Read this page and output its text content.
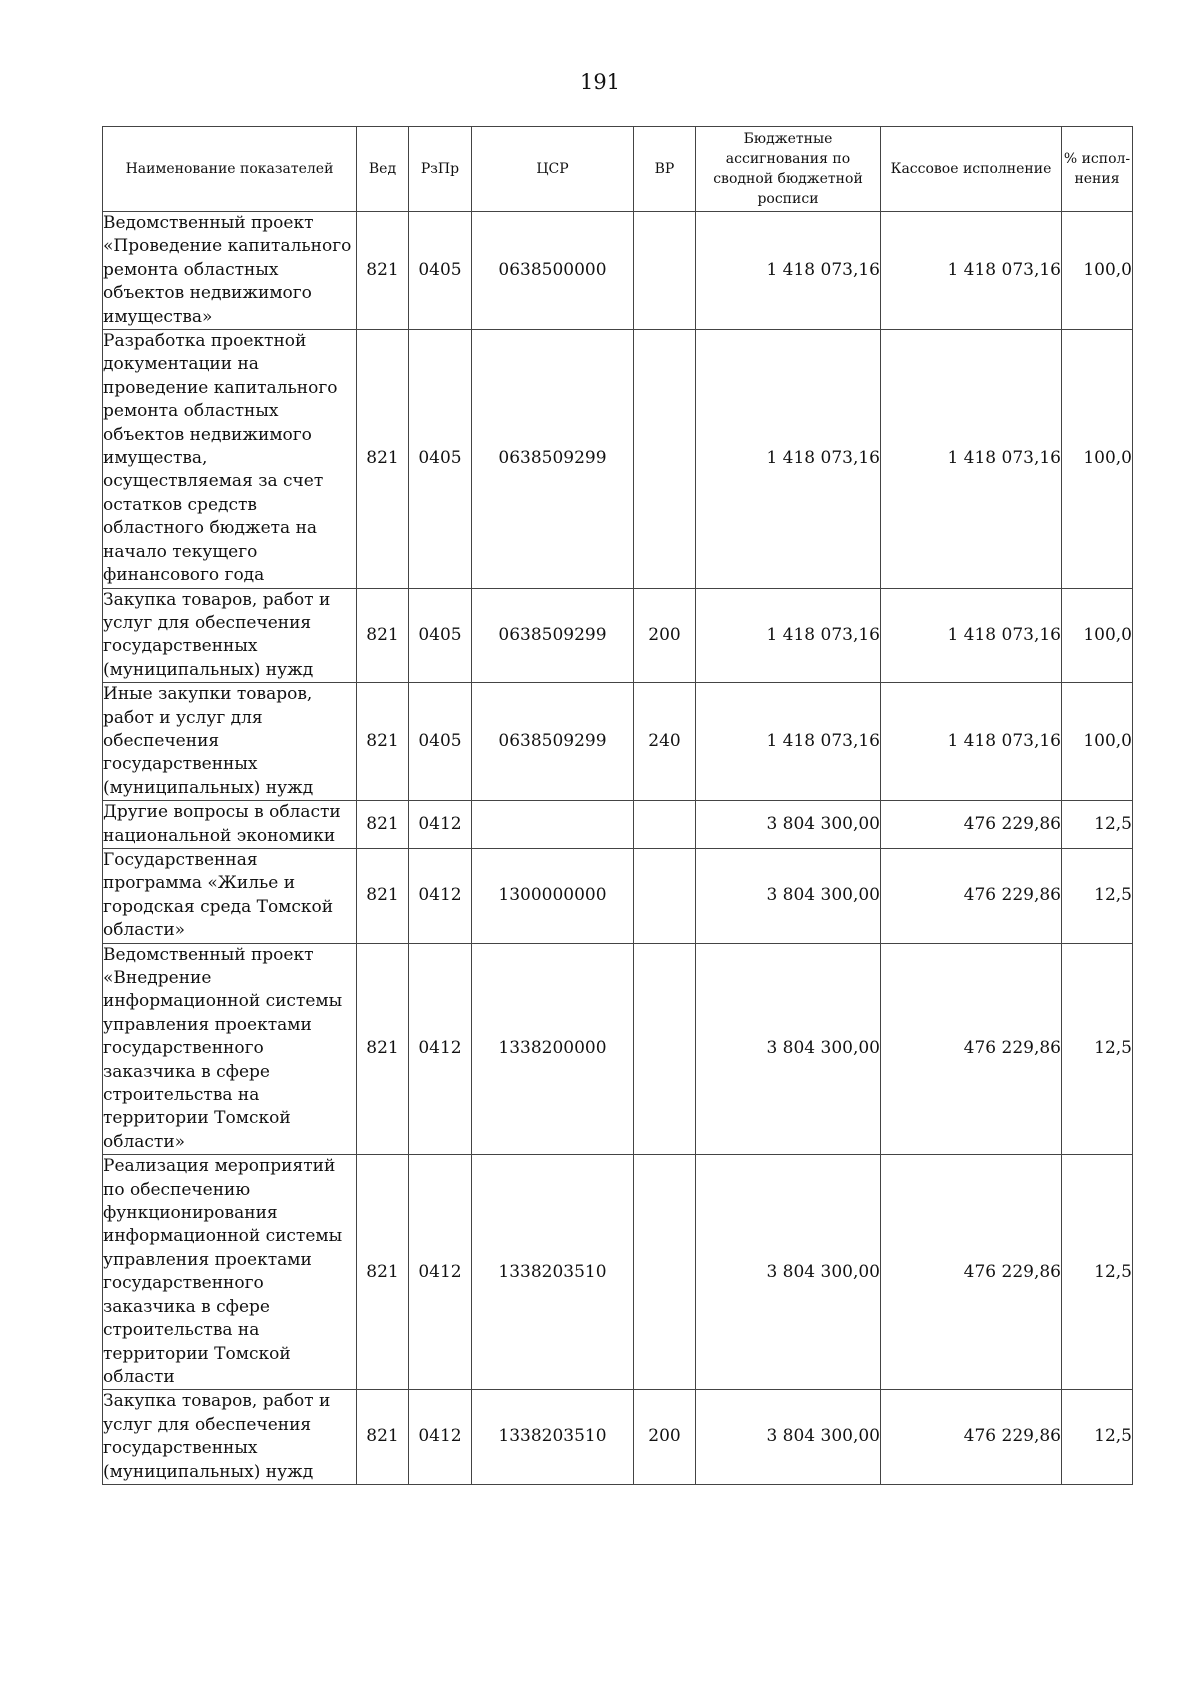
191
Наименование показателей	Вед	РзПр	ЦСР	ВР	Бюджетные ассигнования по сводной бюджетной росписи	Кассовое исполнение	% испол-нения
Ведомственный проект «Проведение капитального ремонта областных объектов недвижимого имущества»	821	0405	0638500000		1 418 073,16	1 418 073,16	100,0
Разработка проектной документации на проведение капитального ремонта областных объектов недвижимого имущества, осуществляемая за счет остатков средств областного бюджета на начало текущего финансового года	821	0405	0638509299		1 418 073,16	1 418 073,16	100,0
Закупка товаров, работ и услуг для обеспечения государственных (муниципальных) нужд	821	0405	0638509299	200	1 418 073,16	1 418 073,16	100,0
Иные закупки товаров, работ и услуг для обеспечения государственных (муниципальных) нужд	821	0405	0638509299	240	1 418 073,16	1 418 073,16	100,0
Другие вопросы в области национальной экономики	821	0412			3 804 300,00	476 229,86	12,5
Государственная программа «Жилье и городская среда Томской области»	821	0412	1300000000		3 804 300,00	476 229,86	12,5
Ведомственный проект «Внедрение информационной системы управления проектами государственного заказчика в сфере строительства на территории Томской области»	821	0412	1338200000		3 804 300,00	476 229,86	12,5
Реализация мероприятий по обеспечению функционирования информационной системы управления проектами государственного заказчика в сфере строительства на территории Томской области	821	0412	1338203510		3 804 300,00	476 229,86	12,5
Закупка товаров, работ и услуг для обеспечения государственных (муниципальных) нужд	821	0412	1338203510	200	3 804 300,00	476 229,86	12,5
